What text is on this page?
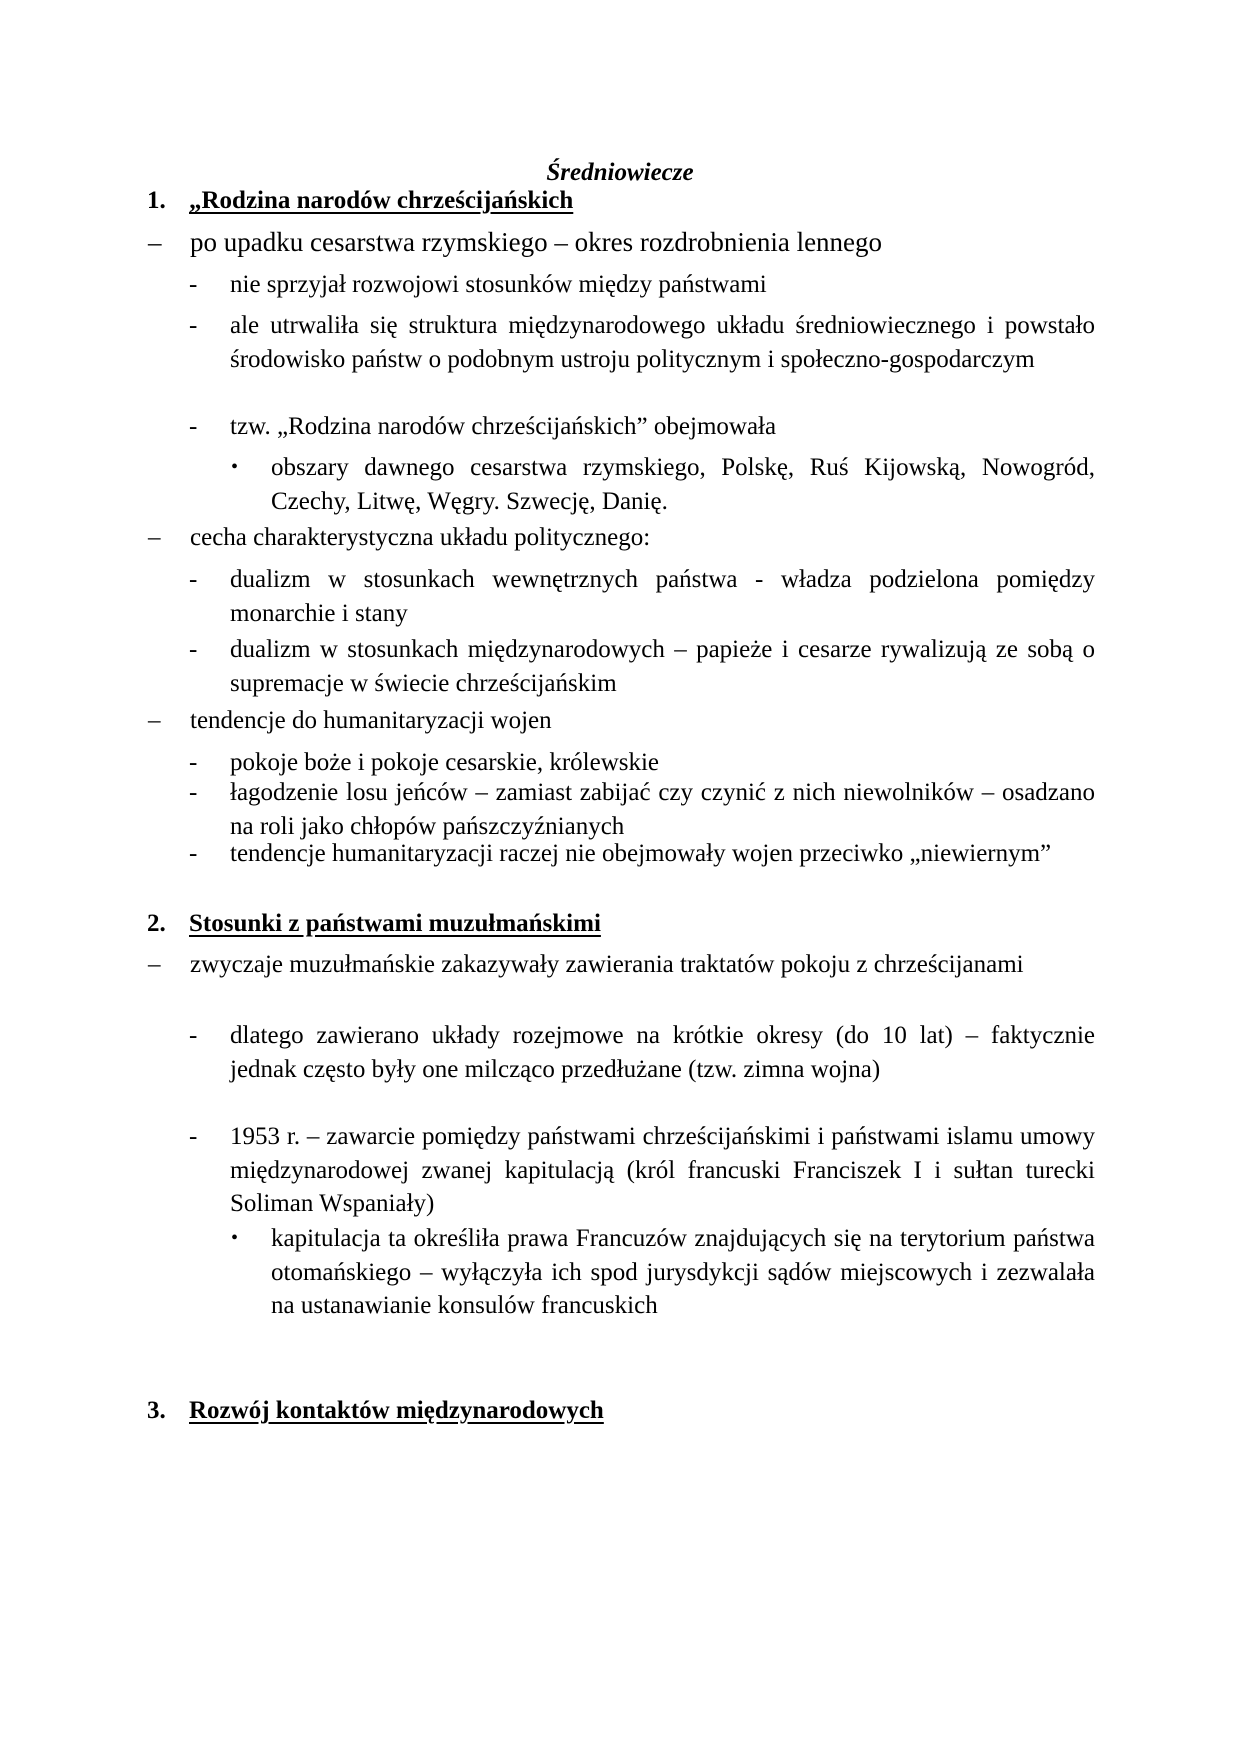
Średniowiecze
1. „Rodzina narodów chrześcijańskich
– po upadku cesarstwa rzymskiego – okres rozdrobnienia lennego
- nie sprzyjał rozwojowi stosunków między państwami
- ale utrwaliła się struktura międzynarodowego układu średniowiecznego i powstało środowisko państw o podobnym ustroju politycznym i społeczno-gospodarczym
- tzw. „Rodzina narodów chrześcijańskich” obejmowała
• obszary dawnego cesarstwa rzymskiego, Polskę, Ruś Kijowską, Nowogród, Czechy, Litwę, Węgry. Szwecję, Danię.
– cecha charakterystyczna układu politycznego:
- dualizm w stosunkach wewnętrznych państwa - władza podzielona pomiędzy monarchie i stany
- dualizm w stosunkach międzynarodowych – papieże i cesarze rywalizują ze sobą o supremacje w świecie chrześcijańskim
– tendencje do humanitaryzacji wojen
- pokoje boże i pokoje cesarskie, królewskie
- łagodzenie losu jeńców – zamiast zabijać czy czynić z nich niewolników – osadzano na roli jako chłopów pańszczyźnianych
- tendencje humanitaryzacji raczej nie obejmowały wojen przeciwko „niewiernym”
2. Stosunki z państwami muzułmańskimi
– zwyczaje muzułmańskie zakazywały zawierania traktatów pokoju z chrześcijanami
- dlatego zawierano układy rozejmowe na krótkie okresy (do 10 lat) – faktycznie jednak często były one milcząco przedłużane (tzw. zimna wojna)
- 1953 r. – zawarcie pomiędzy państwami chrześcijańskimi i państwami islamu umowy międzynarodowej zwanej kapitulacją (król francuski Franciszek I i sułtan turecki Soliman Wspaniały)
• kapitulacja ta określiła prawa Francuzów znajdujących się na terytorium państwa otomańskiego – wyłączyła ich spod jurysdykcji sądów miejscowych i zezwalała na ustanawianie konsulów francuskich
3. Rozwój kontaktów międzynarodowych
